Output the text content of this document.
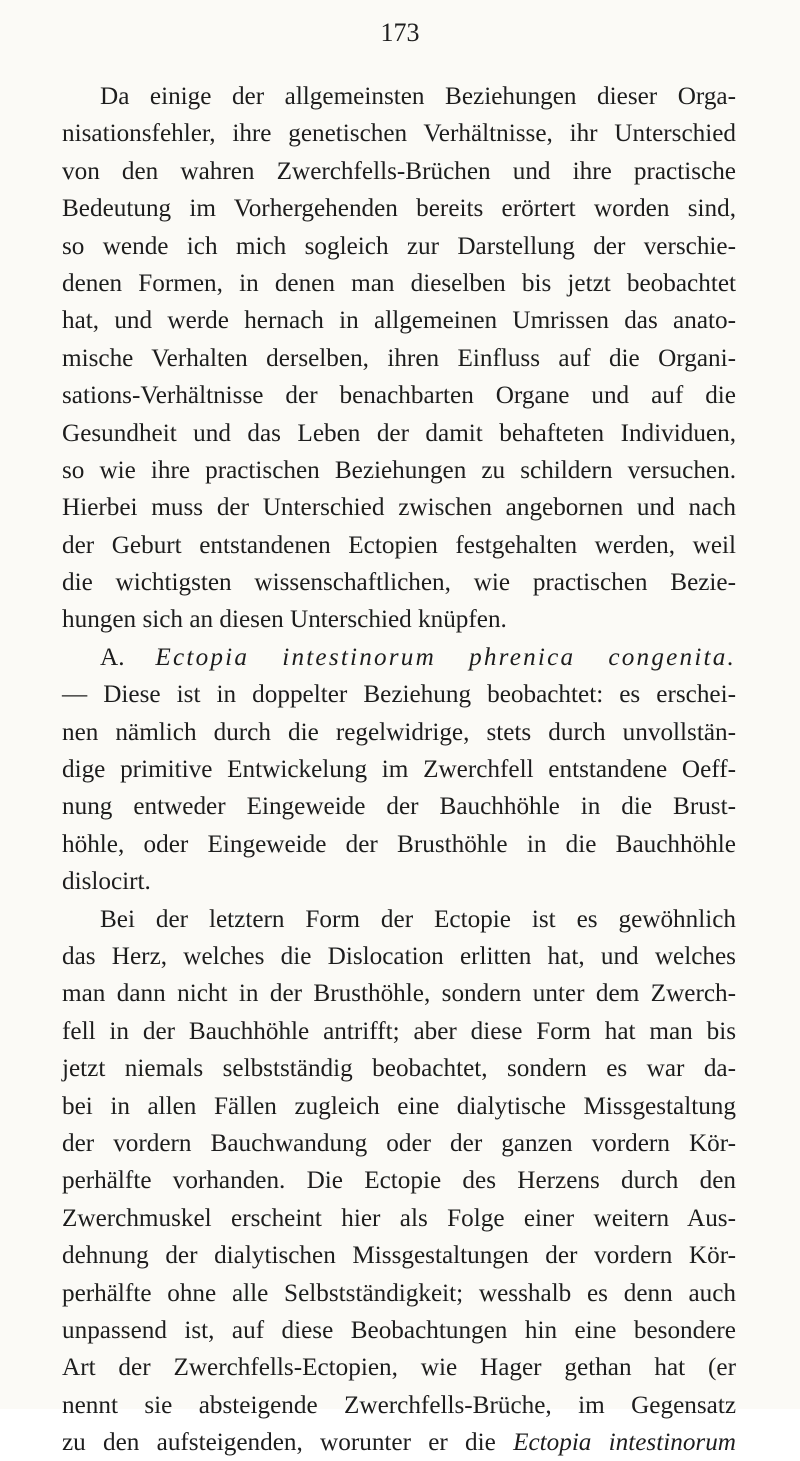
173
Da einige der allgemeinsten Beziehungen dieser Orga-
nisationsfehler, ihre genetischen Verhältnisse, ihr Unterschied
von den wahren Zwerchfells-Brüchen und ihre practische
Bedeutung im Vorhergehenden bereits erörtert worden sind,
so wende ich mich sogleich zur Darstellung der verschie-
denen Formen, in denen man dieselben bis jetzt beobachtet
hat, und werde hernach in allgemeinen Umrissen das anato-
mische Verhalten derselben, ihren Einfluss auf die Organi-
sations-Verhältnisse der benachbarten Organe und auf die
Gesundheit und das Leben der damit behafteten Individuen,
so wie ihre practischen Beziehungen zu schildern versuchen.
Hierbei muss der Unterschied zwischen angebornen und nach
der Geburt entstandenen Ectopien festgehalten werden, weil
die wichtigsten wissenschaftlichen, wie practischen Bezie-
hungen sich an diesen Unterschied knüpfen.
A. Ectopia intestinorum phrenica congenita.
— Diese ist in doppelter Beziehung beobachtet: es erschei-
nen nämlich durch die regelwidrige, stets durch unvollstän-
dige primitive Entwickelung im Zwerchfell entstandene Oeff-
nung entweder Eingeweide der Bauchhöhle in die Brust-
höhle, oder Eingeweide der Brusthöhle in die Bauchhöhle
dislocirt.
Bei der letztern Form der Ectopie ist es gewöhnlich
das Herz, welches die Dislocation erlitten hat, und welches
man dann nicht in der Brusthöhle, sondern unter dem Zwerch-
fell in der Bauchhöhle antrifft; aber diese Form hat man bis
jetzt niemals selbstständig beobachtet, sondern es war da-
bei in allen Fällen zugleich eine dialytische Missgestaltung
der vordern Bauchwandung oder der ganzen vordern Kör-
perhälfte vorhanden. Die Ectopie des Herzens durch den
Zwerchmuskel erscheint hier als Folge einer weitern Aus-
dehnung der dialytischen Missgestaltungen der vordern Kör-
perhälfte ohne alle Selbstständigkeit; wesshalb es denn auch
unpassend ist, auf diese Beobachtungen hin eine besondere
Art der Zwerchfells-Ectopien, wie Hager gethan hat (er
nennt sie absteigende Zwerchfells-Brüche, im Gegensatz
zu den aufsteigenden, worunter er die Ectopia intestinorum
